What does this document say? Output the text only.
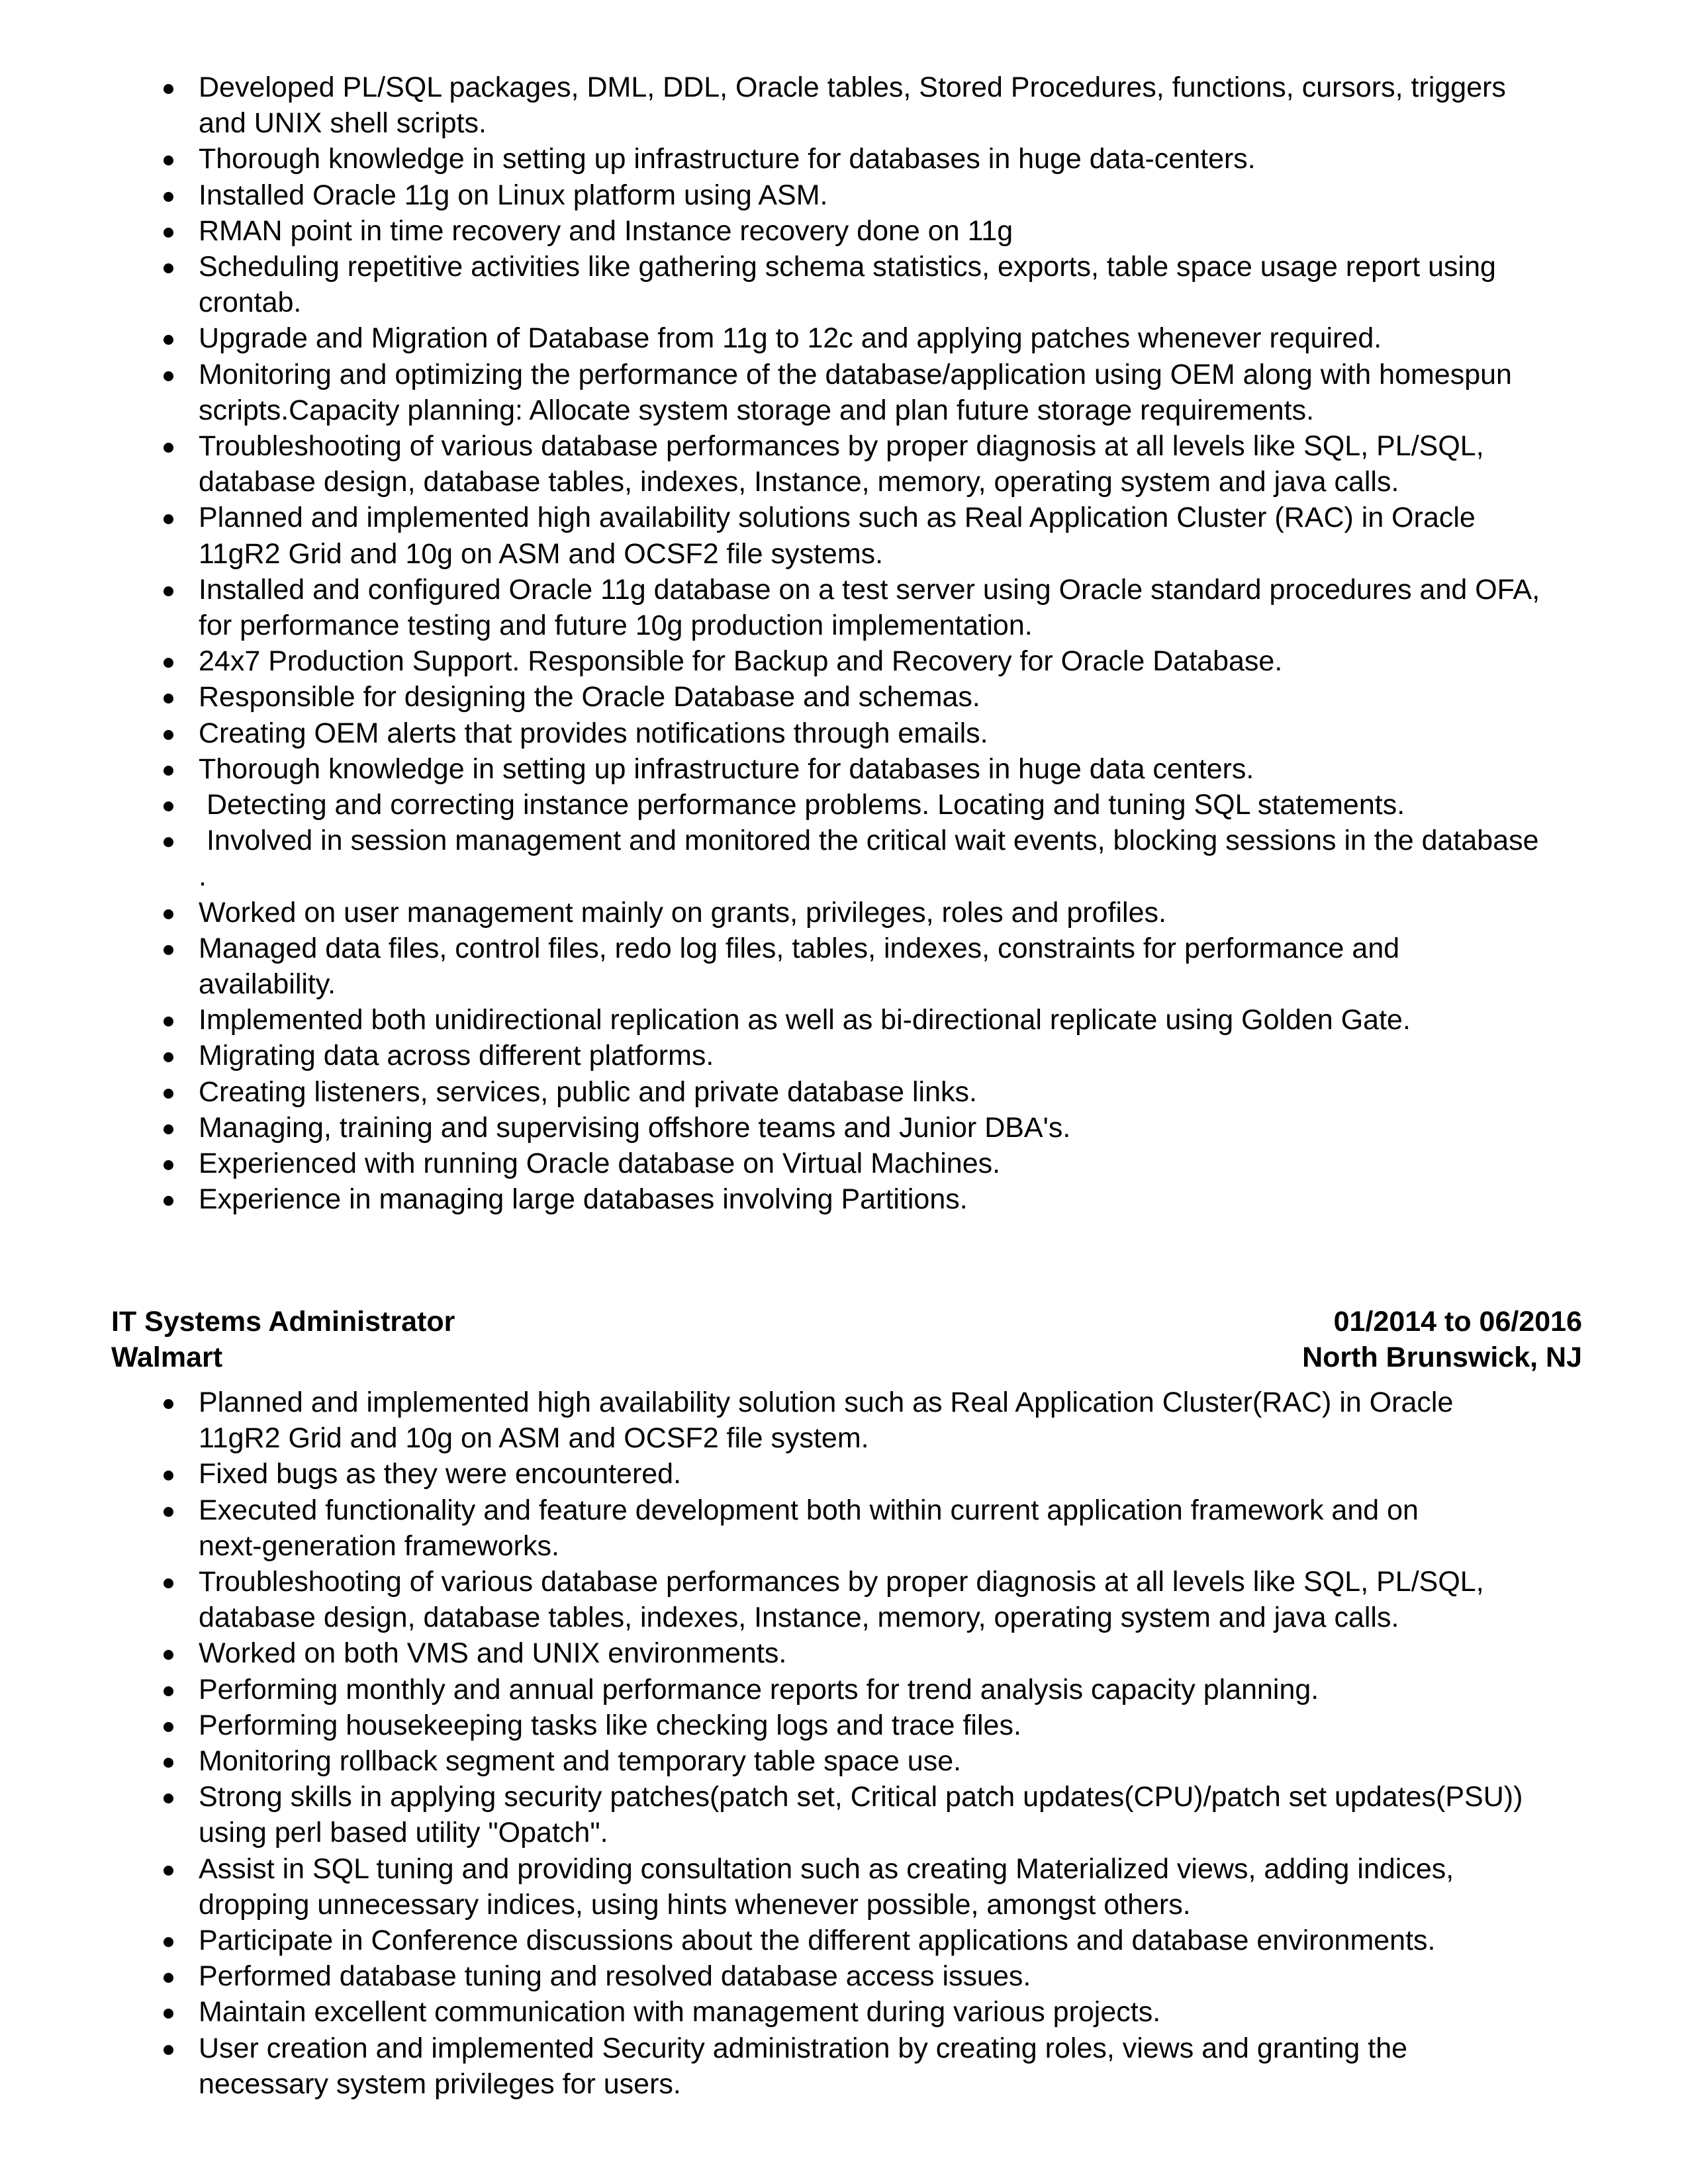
Developed PL/SQL packages, DML, DDL, Oracle tables, Stored Procedures, functions, cursors, triggers
and UNIX shell scripts.
Thorough knowledge in setting up infrastructure for databases in huge data-centers.
Installed Oracle 11g on Linux platform using ASM.
RMAN point in time recovery and Instance recovery done on 11g
Scheduling repetitive activities like gathering schema statistics, exports, table space usage report using
crontab.
Upgrade and Migration of Database from 11g to 12c and applying patches whenever required.
Monitoring and optimizing the performance of the database/application using OEM along with homespun
scripts.Capacity planning: Allocate system storage and plan future storage requirements.
Troubleshooting of various database performances by proper diagnosis at all levels like SQL, PL/SQL,
database design, database tables, indexes, Instance, memory, operating system and java calls.
Planned and implemented high availability solutions such as Real Application Cluster (RAC) in Oracle
11gR2 Grid and 10g on ASM and OCSF2 file systems.
Installed and configured Oracle 11g database on a test server using Oracle standard procedures and OFA,
for performance testing and future 10g production implementation.
24x7 Production Support. Responsible for Backup and Recovery for Oracle Database.
Responsible for designing the Oracle Database and schemas.
Creating OEM alerts that provides notifications through emails.
Thorough knowledge in setting up infrastructure for databases in huge data centers.
Detecting and correcting instance performance problems. Locating and tuning SQL statements.
Involved in session management and monitored the critical wait events, blocking sessions in the database
.
Worked on user management mainly on grants, privileges, roles and profiles.
Managed data files, control files, redo log files, tables, indexes, constraints for performance and
availability.
Implemented both unidirectional replication as well as bi-directional replicate using Golden Gate.
Migrating data across different platforms.
Creating listeners, services, public and private database links.
Managing, training and supervising offshore teams and Junior DBA's.
Experienced with running Oracle database on Virtual Machines.
Experience in managing large databases involving Partitions.
IT Systems Administrator	01/2014 to 06/2016
Walmart	North Brunswick, NJ
Planned and implemented high availability solution such as Real Application Cluster(RAC) in Oracle
11gR2 Grid and 10g on ASM and OCSF2 file system.
Fixed bugs as they were encountered.
Executed functionality and feature development both within current application framework and on
next-generation frameworks.
Troubleshooting of various database performances by proper diagnosis at all levels like SQL, PL/SQL,
database design, database tables, indexes, Instance, memory, operating system and java calls.
Worked on both VMS and UNIX environments.
Performing monthly and annual performance reports for trend analysis capacity planning.
Performing housekeeping tasks like checking logs and trace files.
Monitoring rollback segment and temporary table space use.
Strong skills in applying security patches(patch set, Critical patch updates(CPU)/patch set updates(PSU))
using perl based utility "Opatch".
Assist in SQL tuning and providing consultation such as creating Materialized views, adding indices,
dropping unnecessary indices, using hints whenever possible, amongst others.
Participate in Conference discussions about the different applications and database environments.
Performed database tuning and resolved database access issues.
Maintain excellent communication with management during various projects.
User creation and implemented Security administration by creating roles, views and granting the
necessary system privileges for users.
